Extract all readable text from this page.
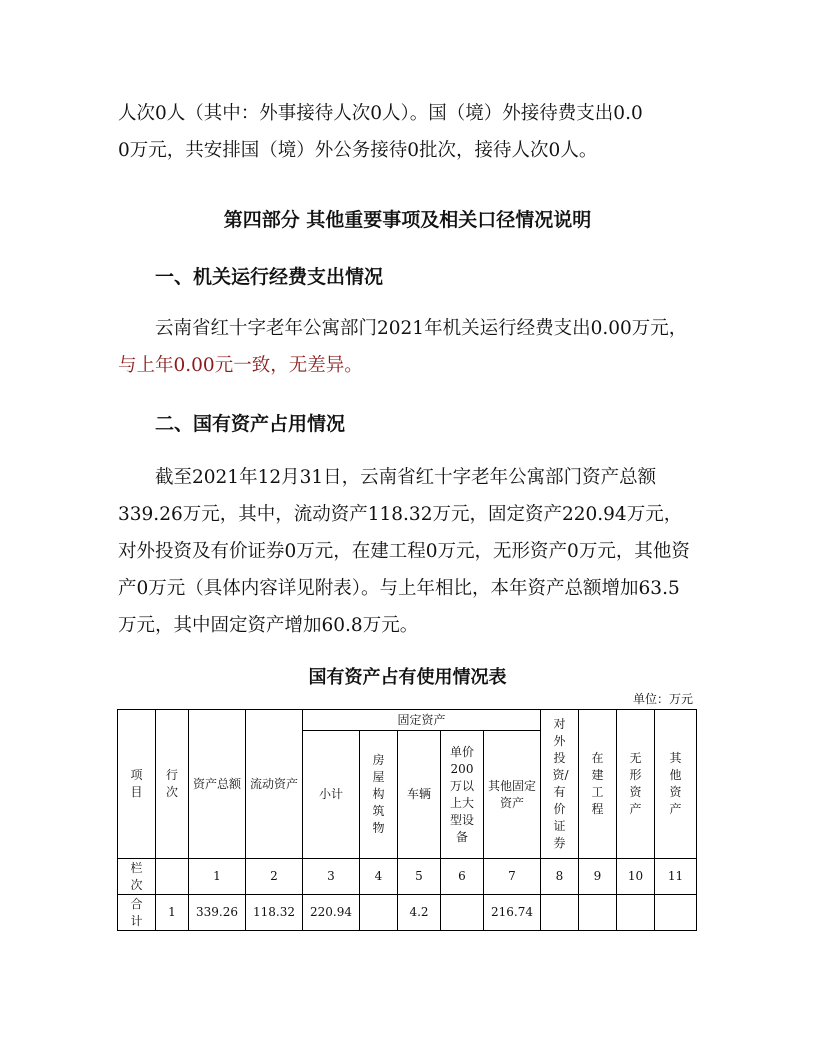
人次0人（其中：外事接待人次0人）。国（境）外接待费支出0.0

0万元，共安排国（境）外公务接待0批次，接待人次0人。

第四部分 其他重要事项及相关口径情况说明
一、机关运行经费支出情况

云南省红十字老年公寓部门2021年机关运行经费支出0.00万元，与上年0.00元一致，无差异。

二、国有资产占用情况

截至2021年12月31日，云南省红十字老年公寓部门资产总额339.26万元，其中，流动资产118.32万元，固定资产220.94万元，对外投资及有价证券0万元，在建工程0万元，无形资产0万元，其他资产0万元（具体内容详见附表）。与上年相比，本年资产总额增加63.5万元，其中固定资产增加60.8万元。

国有资产占有使用情况表
单位：万元
项目	行次	资产总额	流动资产	固定资产					对外投资/有价证券	在建工程	无形资产	其他资产
				小计	房屋构筑物	车辆	单价200万以上大型设备	其他固定资产				
栏次		1	2	3	4	5	6	7	8	9	10	11
合计	1	339.26	118.32	220.94		4.2		216.74				
